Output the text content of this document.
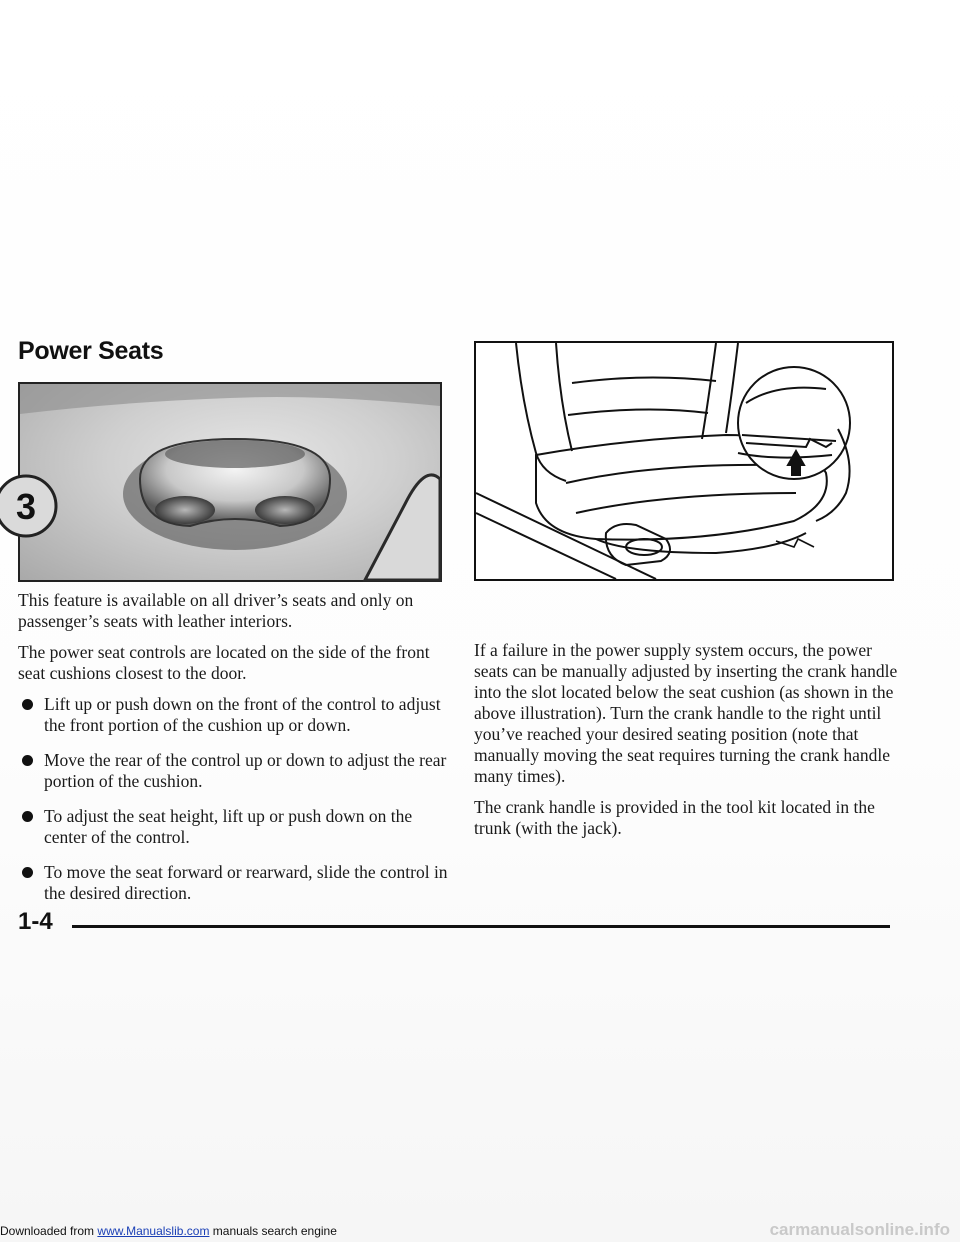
Power Seats
3

This feature is available on all driver’s seats and only on passenger’s seats with leather interiors.

The power seat controls are located on the side of the front seat cushions closest to the door.

Lift up or push down on the front of the control to adjust the front portion of the cushion up or down.
Move the rear of the control up or down to adjust the rear portion of the cushion.
To adjust the seat height, lift up or push down on the center of the control.
To move the seat forward or rearward, slide the control in the desired direction.

If a failure in the power supply system occurs, the power seats can be manually adjusted by inserting the crank handle into the slot located below the seat cushion (as shown in the above illustration). Turn the crank handle to the right until you’ve reached your desired seating position (note that manually moving the seat requires turning the crank handle many times).

The crank handle is provided in the tool kit located in the trunk (with the jack).

1-4
Downloaded from www.Manualslib.com manuals search engine	carmanualsonline.info
